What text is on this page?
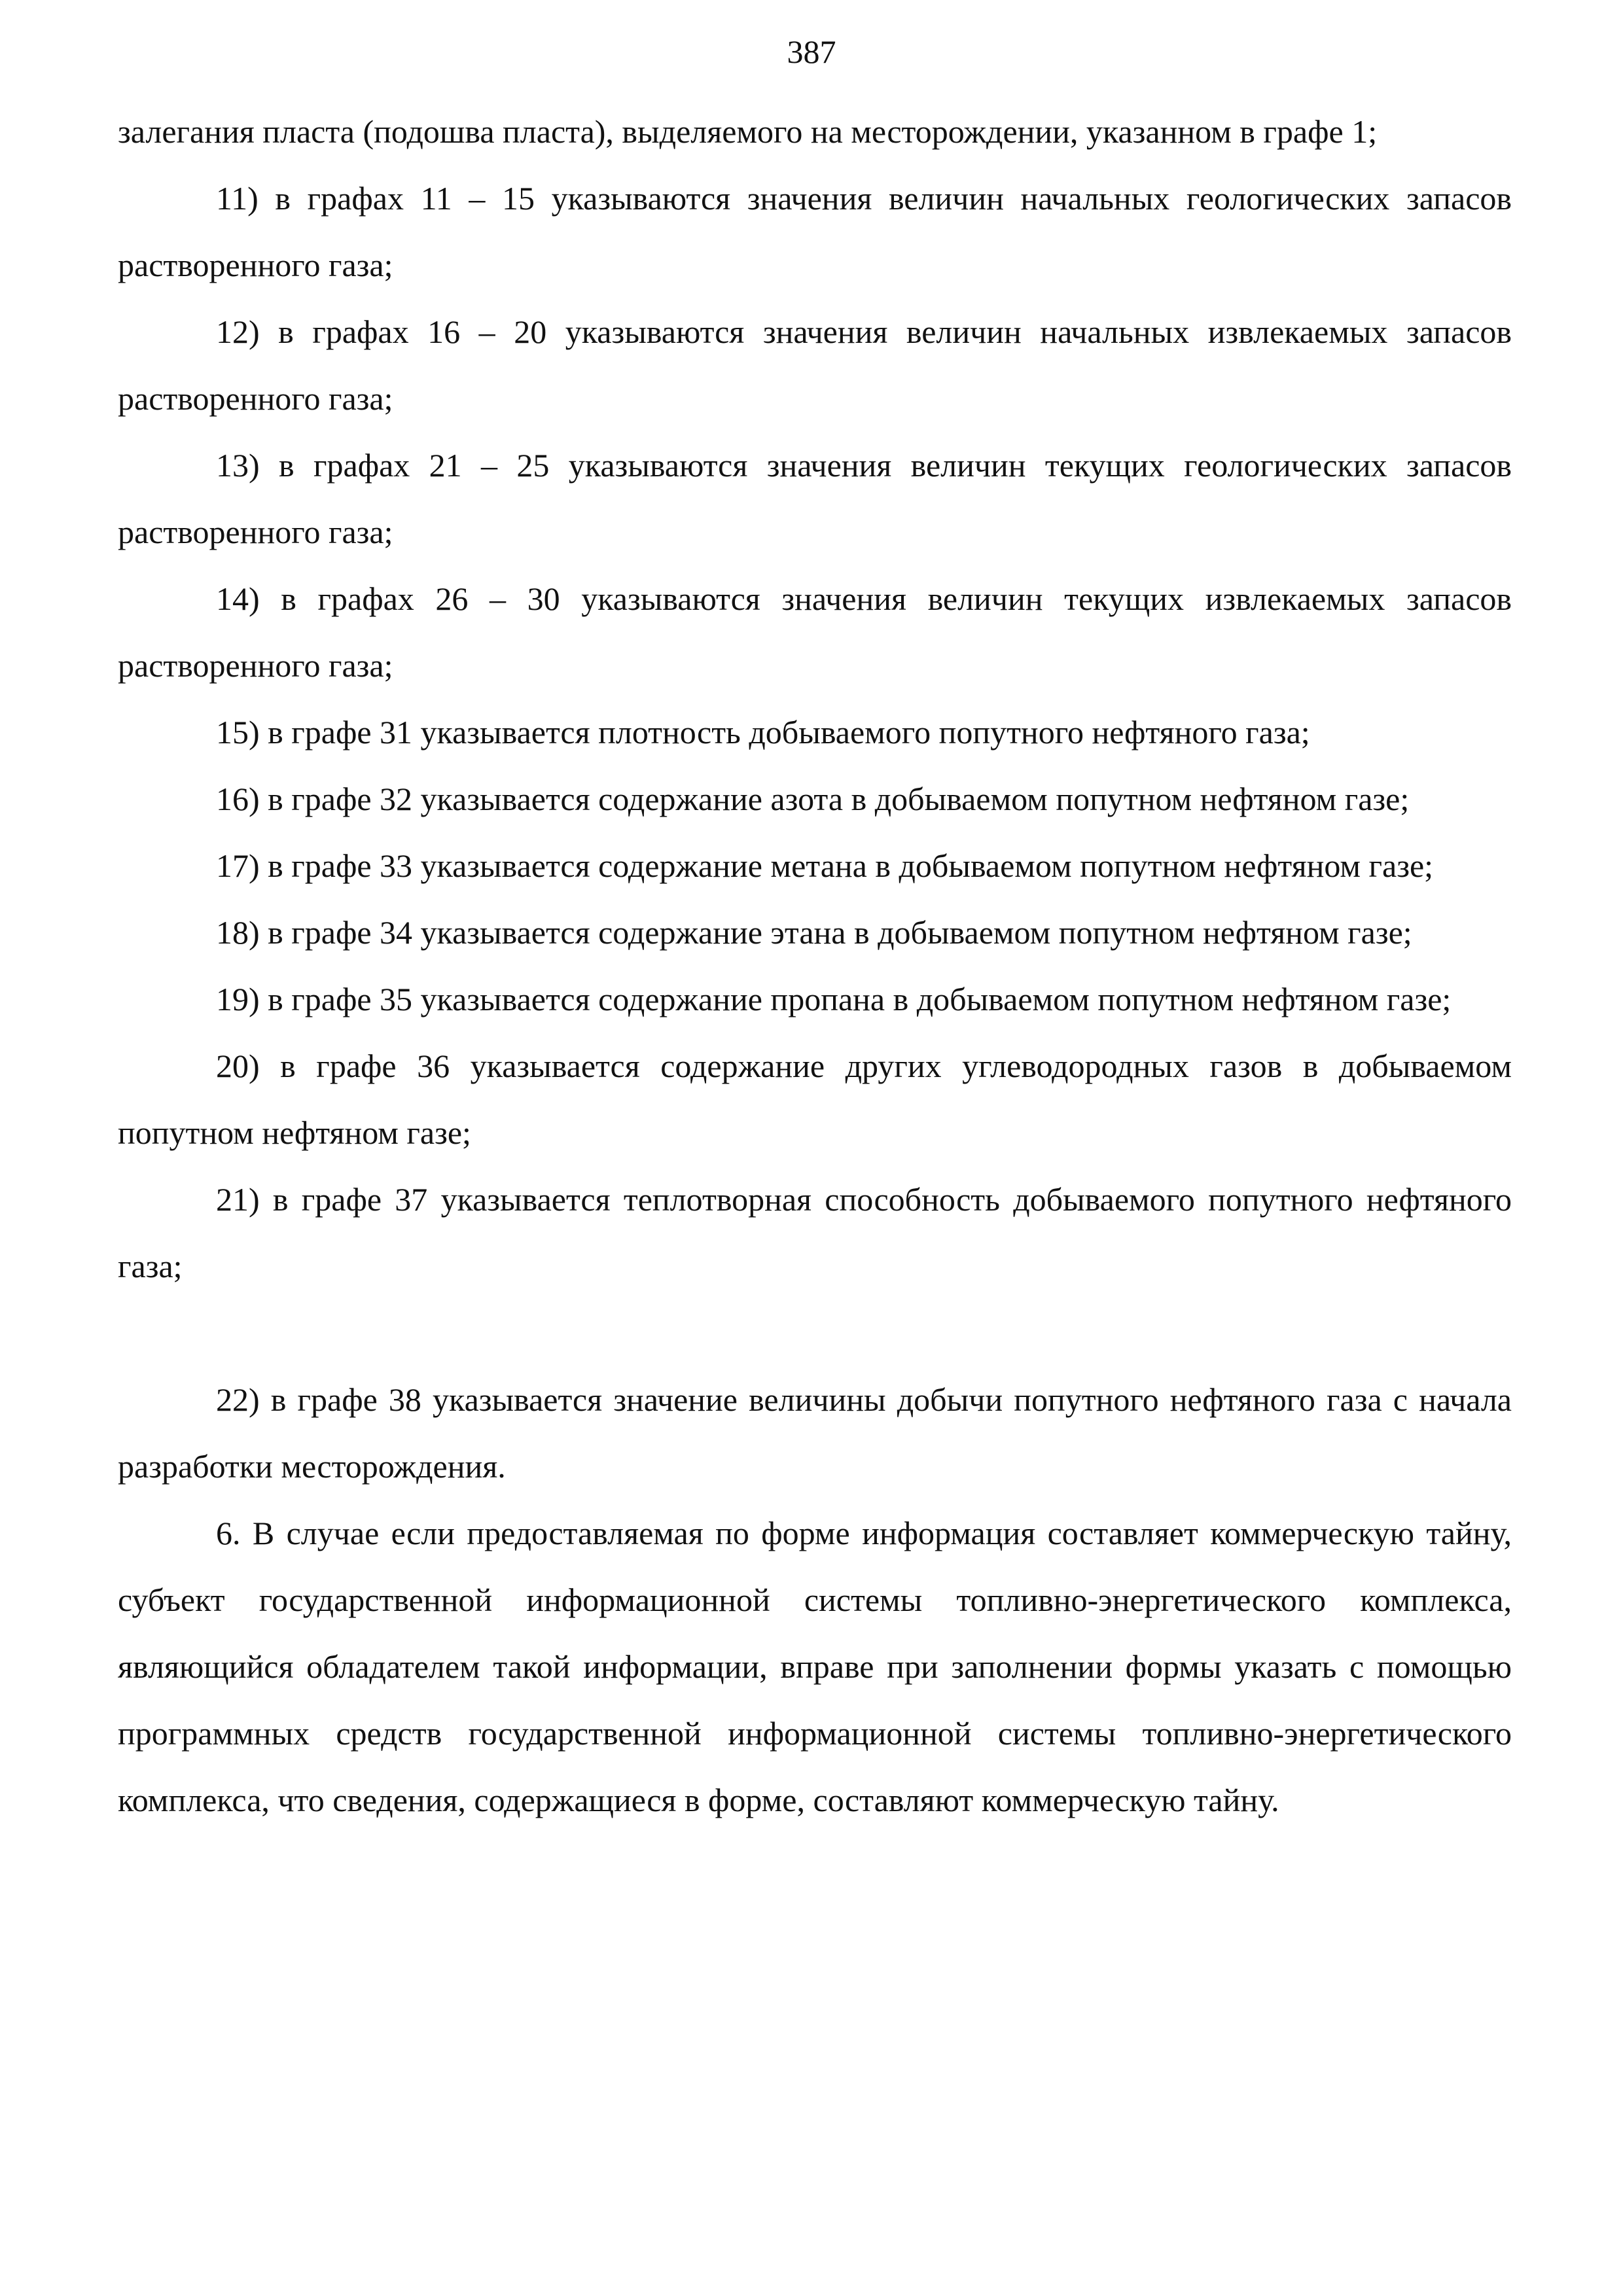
387

залегания пласта (подошва пласта), выделяемого на месторождении, указанном в графе 1;

11) в графах 11 – 15 указываются значения величин начальных геологических запасов растворенного газа;

12) в графах 16 – 20 указываются значения величин начальных извлекаемых запасов растворенного газа;

13) в графах 21 – 25 указываются значения величин текущих геологических запасов растворенного газа;

14) в графах 26 – 30 указываются значения величин текущих извлекаемых запасов растворенного газа;

15) в графе 31 указывается плотность добываемого попутного нефтяного газа;

16) в графе 32 указывается содержание азота в добываемом попутном нефтяном газе;

17) в графе 33 указывается содержание метана в добываемом попутном нефтяном газе;

18) в графе 34 указывается содержание этана в добываемом попутном нефтяном газе;

19) в графе 35 указывается содержание пропана в добываемом попутном нефтяном газе;

20) в графе 36 указывается содержание других углеводородных газов в добываемом попутном нефтяном газе;

21) в графе 37 указывается теплотворная способность добываемого попутного нефтяного газа;

22) в графе 38 указывается значение величины добычи попутного нефтяного газа с начала разработки месторождения.

6. В случае если предоставляемая по форме информация составляет коммерческую тайну, субъект государственной информационной системы топливно-энергетического комплекса, являющийся обладателем такой информации, вправе при заполнении формы указать с помощью программных средств государственной информационной системы топливно-энергетического комплекса, что сведения, содержащиеся в форме, составляют коммерческую тайну.
